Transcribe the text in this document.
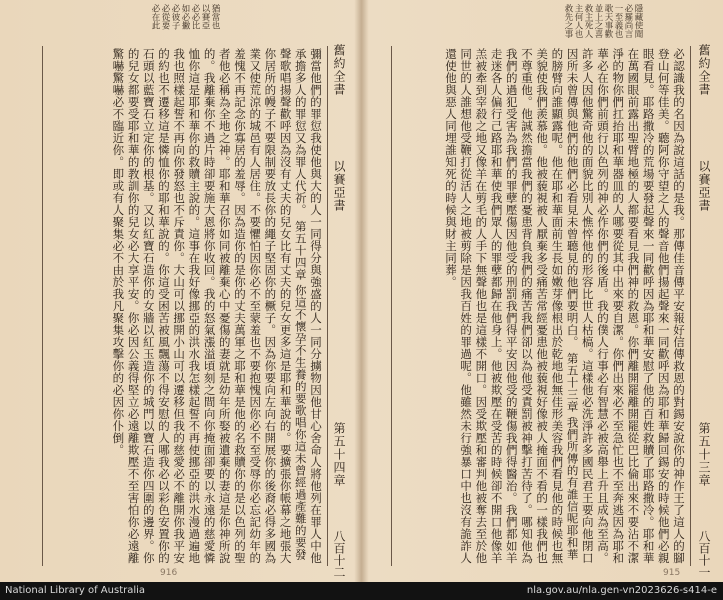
舊約全書
以賽亞書
第五十四章
八百十二
猶當也 以賽亞 必必比 如必撇 必彼子 必從要 必在此

彌當他們的罪愆我使他與大的人一同得分與強盛的人一同分擄物因他甘心舍命人將他列在罪人中他承擔多人的罪愆又為罪人代祈。 第五十四章 你這不懷孕不生養的要歌唱你這未曾經過產難的要發聲歌唱揚聲歡呼因為沒有丈夫的兒女比有丈夫的兒女更多這是耶和華說的。要擴張你帳幕之地張大你居所的幔子不要限制要放長你的繩子堅固你的橛子。因為你要向左向右開展你的後裔必得多國為業又使荒涼的城邑有人居住。不要懼怕因你必不至蒙羞也不要抱愧因你必不至受辱你必忘記幼年的羞愧不再記念你寡居的羞辱。因為造你的是你的丈夫萬軍之耶和華是他的名救贖你的是以色列的聖者他必稱為全地之神。耶和華召你如同被離棄心中憂傷的妻就是幼年所娶被遺棄的妻這是你神所說的。我離棄你不過片時卻要施大恩將你收回。我的怒氣漲溢頃刻之間向你掩面卻要以永遠的慈愛憐恤你這是耶和華你的救贖主說的。這事在我好像挪亞的洪水我怎樣起誓不再使挪亞的洪水漫過遍地我也照樣起誓不再向你發怒也不斥責你。大山可以挪開小山可以遷移但我的慈愛必不離開你我平安的約也不遷移這是憐恤你的耶和華說的。你這受困苦被風飄蕩不得安慰的人哪我必以彩色安置你的石頭以藍寶石立定你的根基。又以紅寶石造你的女牆以紅玉造你的城門以寶石造你四圍的邊界。你的兒女都要受耶和華的教訓你的兒女必大享平安。你必因公義得堅立必遠離欺壓不至害怕你必遠離驚嚇驚嚇必不臨近你。即或有人聚集必不由於我凡聚集攻擊你的必因你仆倒。

916
舊約全書
以賽亞書
第五十三章
八百十一
隱藏使聞 必羅尚言 一至義也 歌天事歡 並上之喜 救主死人 主何人也 救先之事

必認識我的名因為說這話的是我。那傳佳音傳平安報好信傳救恩的對錫安說你的神作王了這人的腳登山何等佳美。聽阿你守望之人的聲音他們揚起聲來一同歡呼因為耶和華歸回錫安的時候他們必親眼看見。耶路撒冷的荒場要發起聲來一同歡呼因為耶和華安慰了他的百姓救贖了耶路撒冷。耶和華在萬國眼前露出聖臂地極的人都要看見我們神的救恩。你們離開罷離開罷從巴比倫出來不要沾不潔淨的物你們扛抬耶和華器皿的人哪要從其中出來要自潔。你們出來必不至急忙也不至奔逃因為耶和華必在你們前頭行以色列的神必作你們的後盾。我的僕人行事必有智慧必被高舉上升且成為至高。許多人因他驚奇他的面貌比別人憔悴他的形容比世人枯槁。這樣他必洗淨許多國民君王要向他閉口因所未曾傳與他們的他們必看見未曾聽見的他們要明白。 第五十三章 我們所傳的有誰信呢耶和華的膀臂向誰顯露呢。他在耶和華面前生長如嫩芽像根出於乾地他無佳形美容我們看見他的時候也無美貌使我們羨慕他。他被藐視被人厭棄多受痛苦常經憂患他被藐視好像被人掩面不看的一樣我們也不尊重他。他誠然擔當我們的憂患背負我們的痛苦我們卻以為他受責罰被神擊打苦待了。哪知他為我們的過犯受害為我們的罪孽壓傷因他受的刑罰我們得平安因他受的鞭傷我們得醫治。我們都如羊走迷各人偏行己路耶和華使我們眾人的罪孽都歸在他身上。他被欺壓在受苦的時候卻不開口他像羊羔被牽到宰殺之地又像羊在剪毛的人手下無聲他也是這樣不開口。因受欺壓和審判他被奪去至於他同世的人誰想他受鞭打從活人之地被剪除是因我百姓的罪過呢。他雖然未行強暴口中也沒有詭詐人還使他與惡人同埋誰知死的時候與財主同葬。

915
National Library of Australia	nla.gov.au/nla.gen-vn2023626-s414-e
